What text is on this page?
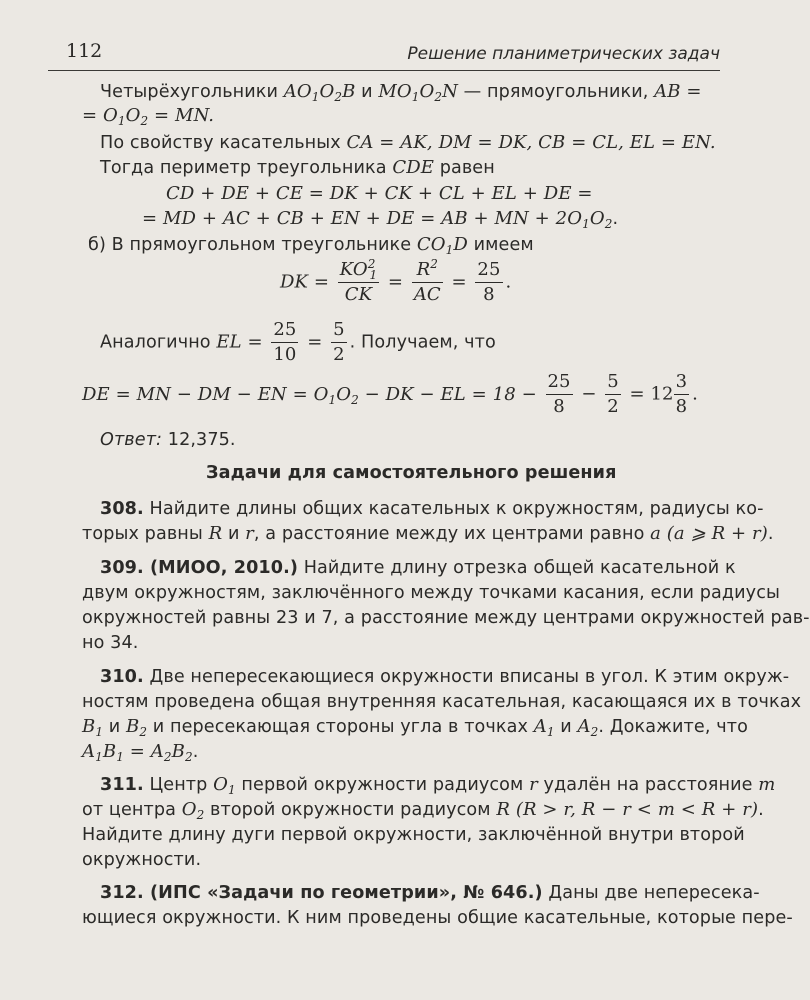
112	Решение планиметрических задач
Четырёхугольники $AO_1O_2B$ и $MO_1O_2N$ — прямоугольники, AB =
= $O_1O_2$ = MN.
По свойству касательных CA = AK, DM = DK, CB = CL, EL = EN.
Тогда периметр треугольника CDE равен
CD + DE + CE = DK + CK + CL + EL + DE =
= MD + AC + CB + EN + DE = AB + MN + $2O_1O_2$.
б) В прямоугольном треугольнике $CO_1D$ имеем
DK = $\frac{KO^2_1}{CK} = \frac{R^2}{AC} = \frac{25}{8}$ .
Аналогично EL = $\frac{25}{10} = \frac{5}{2}$ . Получаем, что
DE = MN − DM − EN = $O_1O_2$ − DK − EL = $18 - \frac{25}{8} - \frac{5}{2} = 12 \frac{3}{8}$ .
Ответ: 12,375.
Задачи для самостоятельного решения
308. Найдите длины общих касательных к окружностям, радиусы ко-
торых равны R и r, а расстояние между их центрами равно a (a ⩾ R + r).
309. (МИОО, 2010.) Найдите длину отрезка общей касательной к
двум окружностям, заключённого между точками касания, если радиусы
окружностей равны 23 и 7, а расстояние между центрами окружностей рав-
но 34.
310. Две непересекающиеся окружности вписаны в угол. К этим окруж-
ностям проведена общая внутренняя касательная, касающаяся их в точках
$B_1$ и $B_2$ и пересекающая стороны угла в точках $A_1$ и $A_2$. Докажите, что
$A_1B_1 = A_2B_2$.
311. Центр $O_1$ первой окружности радиусом r удалён на расстояние m
от центра $O_2$ второй окружности радиусом R (R > r, R − r < m < R + r).
Найдите длину дуги первой окружности, заключённой внутри второй
окружности.
312. (ИПС «Задачи по геометрии», № 646.) Даны две непересека-
ющиеся окружности. К ним проведены общие касательные, которые пере-
